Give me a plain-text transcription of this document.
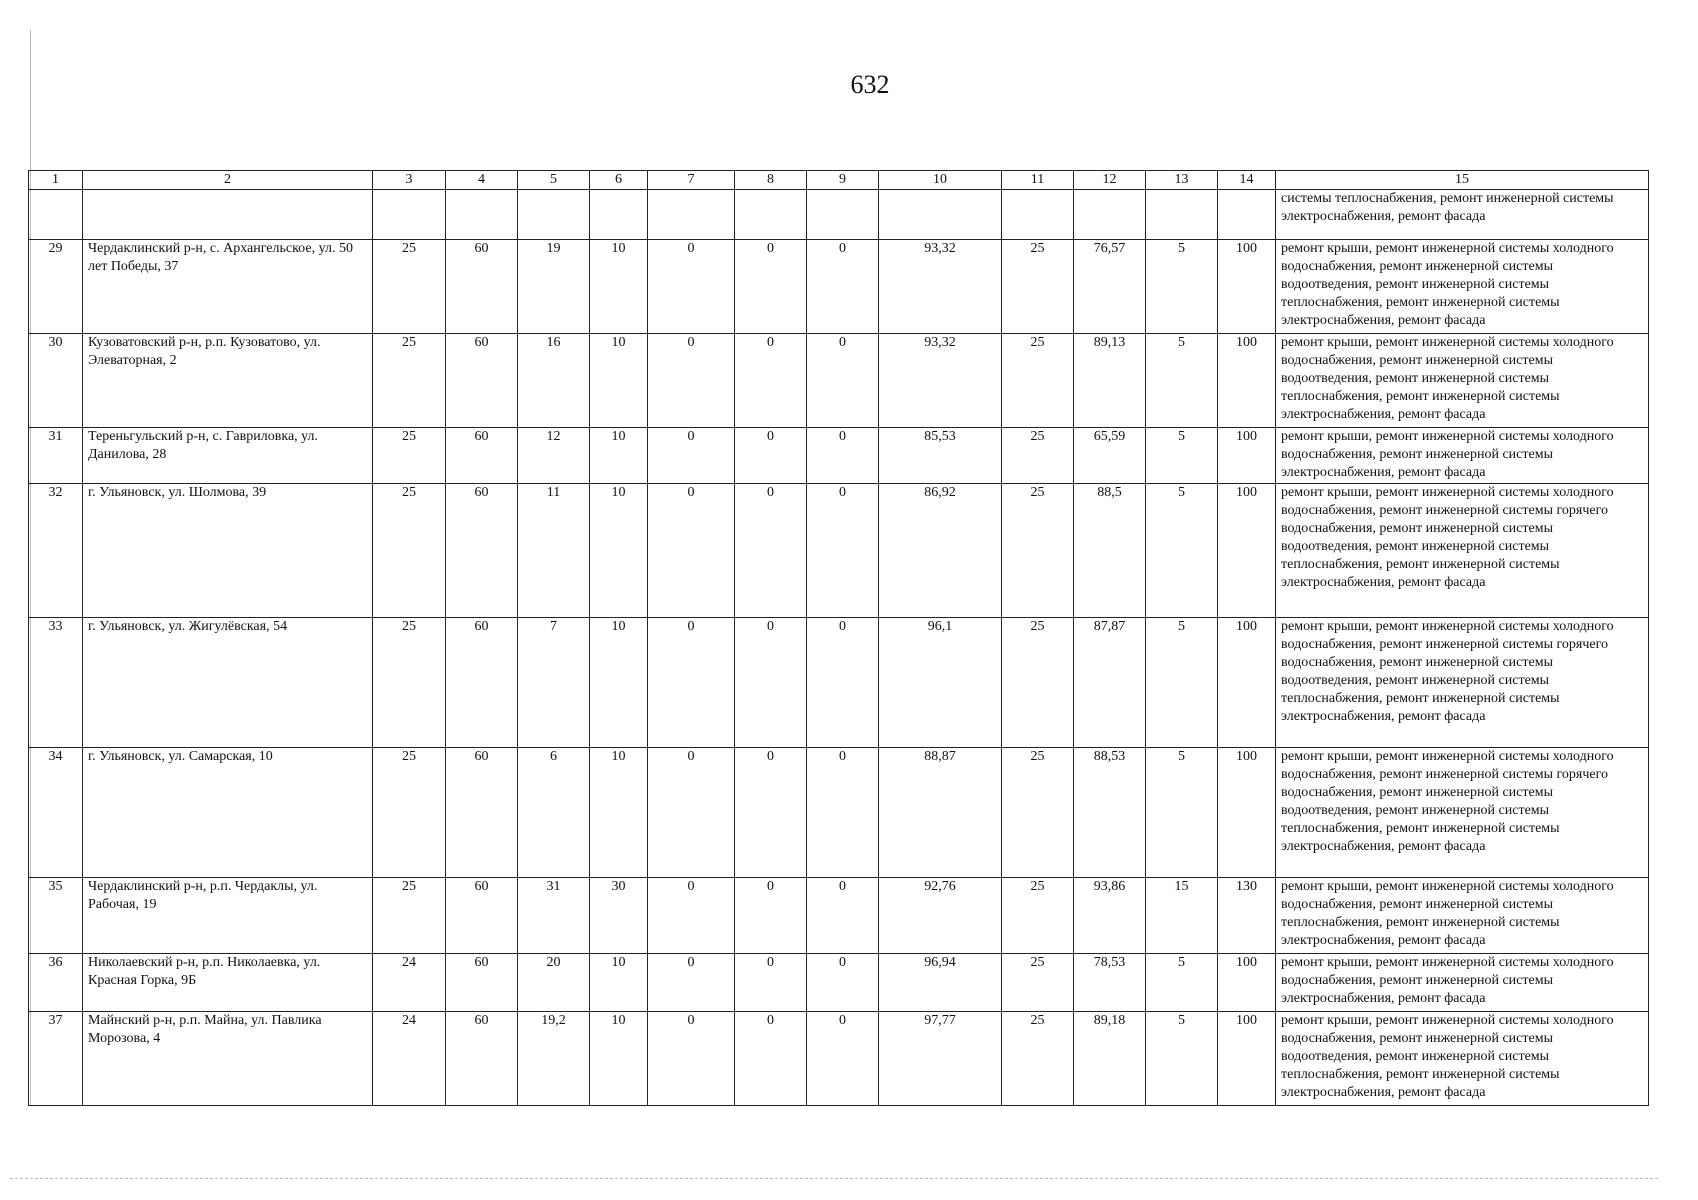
632
1	2	3	4	5	6	7	8	9	10	11	12	13	14	15
														системы теплоснабжения, ремонт инженерной системы электроснабжения, ремонт фасада
29	Чердаклинский р-н, с. Архангельское, ул. 50 лет Победы, 37	25	60	19	10	0	0	0	93,32	25	76,57	5	100	ремонт крыши, ремонт инженерной системы холодного водоснабжения, ремонт инженерной системы водоотведения, ремонт инженерной системы теплоснабжения, ремонт инженерной системы электроснабжения, ремонт фасада
30	Кузоватовский р-н, р.п. Кузоватово, ул. Элеваторная, 2	25	60	16	10	0	0	0	93,32	25	89,13	5	100	ремонт крыши, ремонт инженерной системы холодного водоснабжения, ремонт инженерной системы водоотведения, ремонт инженерной системы теплоснабжения, ремонт инженерной системы электроснабжения, ремонт фасада
31	Тереньгульский р-н, с. Гавриловка, ул. Данилова, 28	25	60	12	10	0	0	0	85,53	25	65,59	5	100	ремонт крыши, ремонт инженерной системы холодного водоснабжения, ремонт инженерной системы электроснабжения, ремонт фасада
32	г. Ульяновск, ул. Шолмова, 39	25	60	11	10	0	0	0	86,92	25	88,5	5	100	ремонт крыши, ремонт инженерной системы холодного водоснабжения, ремонт инженерной системы горячего водоснабжения, ремонт инженерной системы водоотведения, ремонт инженерной системы теплоснабжения, ремонт инженерной системы электроснабжения, ремонт фасада
33	г. Ульяновск, ул. Жигулёвская, 54	25	60	7	10	0	0	0	96,1	25	87,87	5	100	ремонт крыши, ремонт инженерной системы холодного водоснабжения, ремонт инженерной системы горячего водоснабжения, ремонт инженерной системы водоотведения, ремонт инженерной системы теплоснабжения, ремонт инженерной системы электроснабжения, ремонт фасада
34	г. Ульяновск, ул. Самарская, 10	25	60	6	10	0	0	0	88,87	25	88,53	5	100	ремонт крыши, ремонт инженерной системы холодного водоснабжения, ремонт инженерной системы горячего водоснабжения, ремонт инженерной системы водоотведения, ремонт инженерной системы теплоснабжения, ремонт инженерной системы электроснабжения, ремонт фасада
35	Чердаклинский р-н, р.п. Чердаклы, ул. Рабочая, 19	25	60	31	30	0	0	0	92,76	25	93,86	15	130	ремонт крыши, ремонт инженерной системы холодного водоснабжения, ремонт инженерной системы теплоснабжения, ремонт инженерной системы электроснабжения, ремонт фасада
36	Николаевский р-н, р.п. Николаевка, ул. Красная Горка, 9Б	24	60	20	10	0	0	0	96,94	25	78,53	5	100	ремонт крыши, ремонт инженерной системы холодного водоснабжения, ремонт инженерной системы электроснабжения, ремонт фасада
37	Майнский р-н, р.п. Майна, ул. Павлика Морозова, 4	24	60	19,2	10	0	0	0	97,77	25	89,18	5	100	ремонт крыши, ремонт инженерной системы холодного водоснабжения, ремонт инженерной системы водоотведения, ремонт инженерной системы теплоснабжения, ремонт инженерной системы электроснабжения, ремонт фасада
